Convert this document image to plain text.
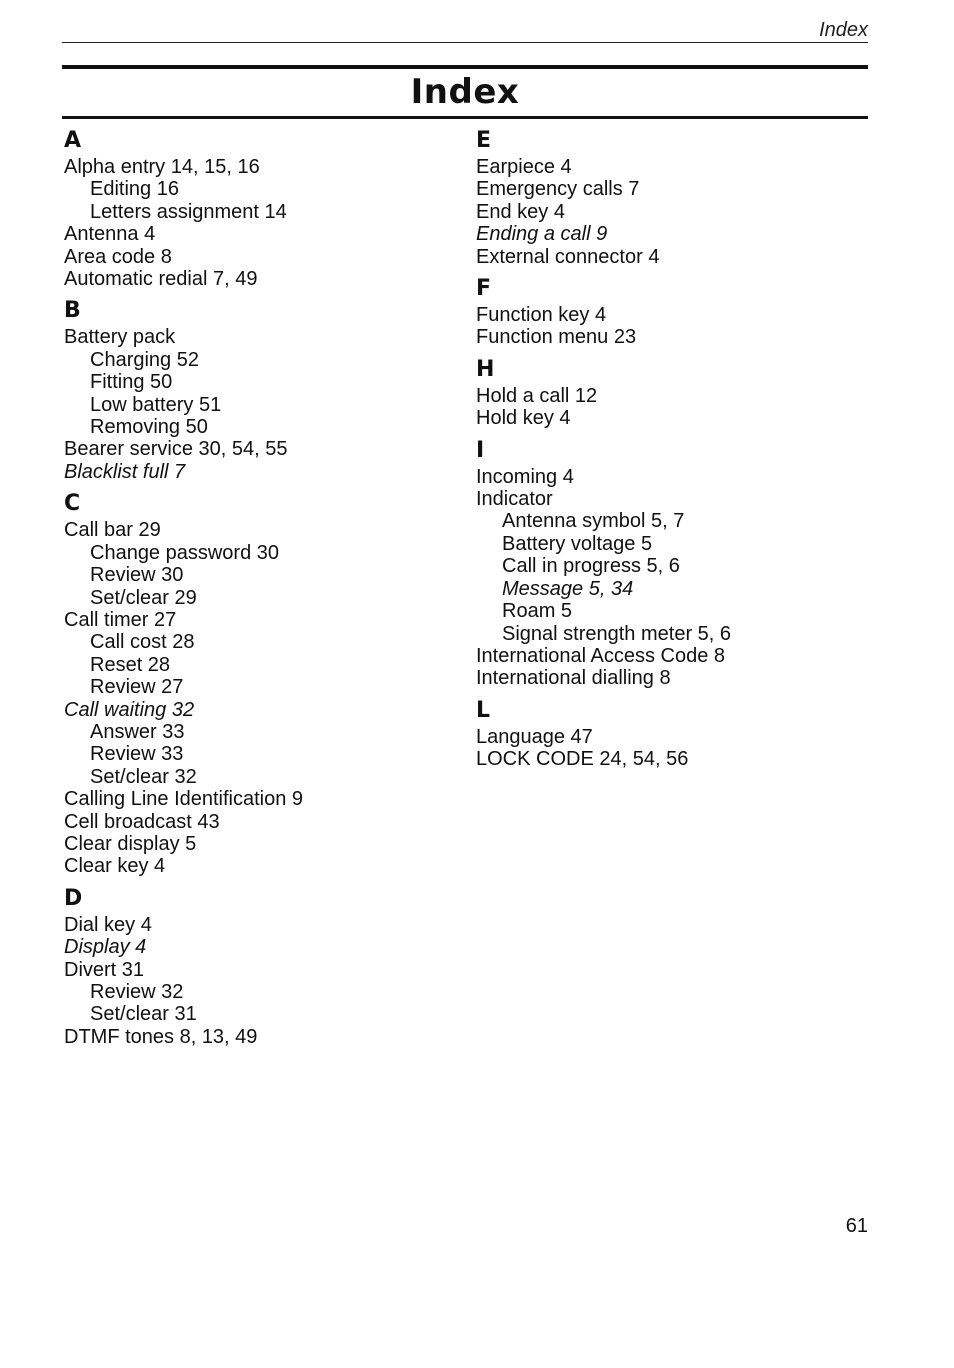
Index
Index
A
Alpha entry 14, 15, 16
Editing 16
Letters assignment 14
Antenna 4
Area code 8
Automatic redial 7, 49
B
Battery pack
Charging 52
Fitting 50
Low battery 51
Removing 50
Bearer service 30, 54, 55
Blacklist full 7
C
Call bar 29
Change password 30
Review 30
Set/clear 29
Call timer 27
Call cost 28
Reset 28
Review 27
Call waiting 32
Answer 33
Review 33
Set/clear 32
Calling Line Identification 9
Cell broadcast 43
Clear display 5
Clear key 4
D
Dial key 4
Display 4
Divert 31
Review 32
Set/clear 31
DTMF tones 8, 13, 49
E
Earpiece 4
Emergency calls 7
End key 4
Ending a call 9
External connector 4
F
Function key 4
Function menu 23
H
Hold a call 12
Hold key 4
I
Incoming 4
Indicator
Antenna symbol 5, 7
Battery voltage 5
Call in progress 5, 6
Message 5, 34
Roam 5
Signal strength meter 5, 6
International Access Code 8
International dialling 8
L
Language 47
LOCK CODE 24, 54, 56
61
